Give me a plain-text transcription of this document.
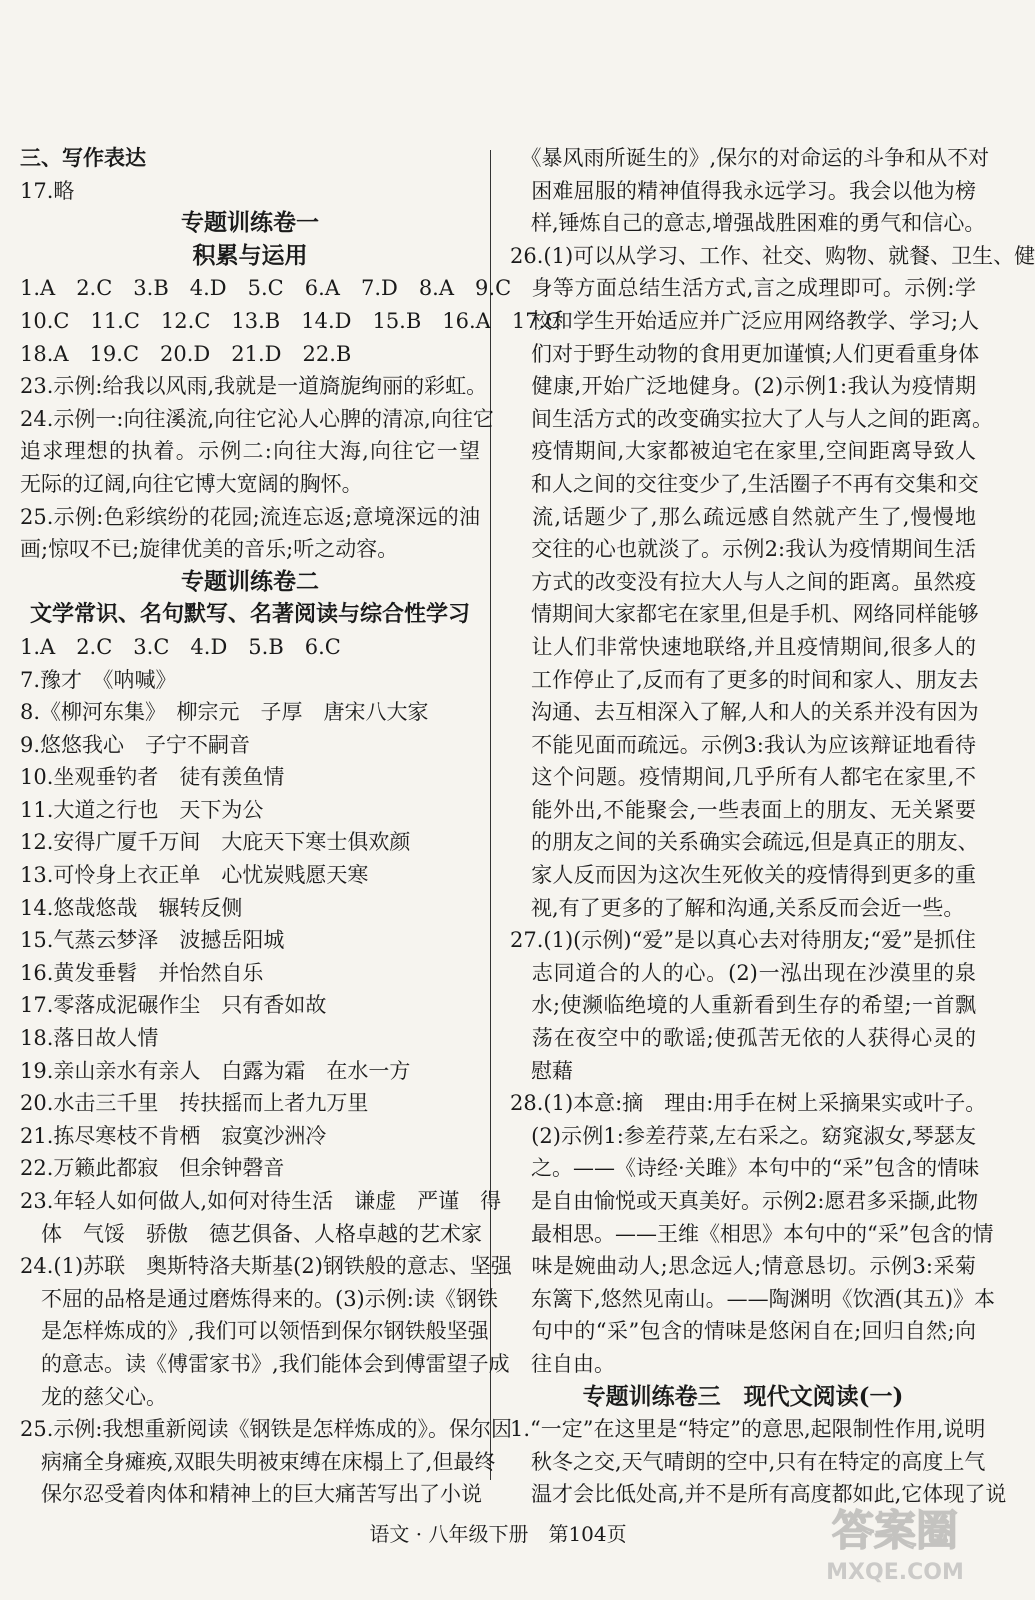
三、写作表达
17.略
专题训练卷一
积累与运用
1.A　2.C　3.B　4.D　5.C　6.A　7.D　8.A　9.C
10.C　11.C　12.C　13.B　14.D　15.B　16.A　17.C
18.A　19.C　20.D　21.D　22.B
23.示例:给我以风雨,我就是一道旖旎绚丽的彩虹。
24.示例一:向往溪流,向往它沁人心脾的清凉,向往它
追求理想的执着。示例二:向往大海,向往它一望
无际的辽阔,向往它博大宽阔的胸怀。
25.示例:色彩缤纷的花园;流连忘返;意境深远的油
画;惊叹不已;旋律优美的音乐;听之动容。
专题训练卷二
文学常识、名句默写、名著阅读与综合性学习
1.A　2.C　3.C　4.D　5.B　6.C
7.豫才　《呐喊》
8.《柳河东集》　柳宗元　子厚　唐宋八大家
9.悠悠我心　子宁不嗣音
10.坐观垂钓者　徒有羡鱼情
11.大道之行也　天下为公
12.安得广厦千万间　大庇天下寒士俱欢颜
13.可怜身上衣正单　心忧炭贱愿天寒
14.悠哉悠哉　辗转反侧
15.气蒸云梦泽　波撼岳阳城
16.黄发垂髫　并怡然自乐
17.零落成泥碾作尘　只有香如故
18.落日故人情
19.亲山亲水有亲人　白露为霜　在水一方
20.水击三千里　抟扶摇而上者九万里
21.拣尽寒枝不肯栖　寂寞沙洲冷
22.万籁此都寂　但余钟磬音
23.年轻人如何做人,如何对待生活　谦虚　严谨　得
　体　气馁　骄傲　德艺俱备、人格卓越的艺术家
24.(1)苏联　奥斯特洛夫斯基(2)钢铁般的意志、坚强
　不屈的品格是通过磨炼得来的。(3)示例:读《钢铁
　是怎样炼成的》,我们可以领悟到保尔钢铁般坚强
　的意志。读《傅雷家书》,我们能体会到傅雷望子成
　龙的慈父心。
25.示例:我想重新阅读《钢铁是怎样炼成的》。保尔因
　病痛全身瘫痪,双眼失明被束缚在床榻上了,但最终
　保尔忍受着肉体和精神上的巨大痛苦写出了小说
　《暴风雨所诞生的》,保尔的对命运的斗争和从不对
　困难屈服的精神值得我永远学习。我会以他为榜
　样,锤炼自己的意志,增强战胜困难的勇气和信心。
26.(1)可以从学习、工作、社交、购物、就餐、卫生、健
　身等方面总结生活方式,言之成理即可。示例:学
　校和学生开始适应并广泛应用网络教学、学习;人
　们对于野生动物的食用更加谨慎;人们更看重身体
　健康,开始广泛地健身。(2)示例1:我认为疫情期
　间生活方式的改变确实拉大了人与人之间的距离。
　疫情期间,大家都被迫宅在家里,空间距离导致人
　和人之间的交往变少了,生活圈子不再有交集和交
　流,话题少了,那么疏远感自然就产生了,慢慢地
　交往的心也就淡了。示例2:我认为疫情期间生活
　方式的改变没有拉大人与人之间的距离。虽然疫
　情期间大家都宅在家里,但是手机、网络同样能够
　让人们非常快速地联络,并且疫情期间,很多人的
　工作停止了,反而有了更多的时间和家人、朋友去
　沟通、去互相深入了解,人和人的关系并没有因为
　不能见面而疏远。示例3:我认为应该辩证地看待
　这个问题。疫情期间,几乎所有人都宅在家里,不
　能外出,不能聚会,一些表面上的朋友、无关紧要
　的朋友之间的关系确实会疏远,但是真正的朋友、
　家人反而因为这次生死攸关的疫情得到更多的重
　视,有了更多的了解和沟通,关系反而会近一些。
27.(1)(示例)“爱”是以真心去对待朋友;“爱”是抓住
　志同道合的人的心。(2)一泓出现在沙漠里的泉
　水;使濒临绝境的人重新看到生存的希望;一首飘
　荡在夜空中的歌谣;使孤苦无依的人获得心灵的
　慰藉
28.(1)本意:摘　理由:用手在树上采摘果实或叶子。
　(2)示例1:参差荇菜,左右采之。窈窕淑女,琴瑟友
　之。——《诗经·关雎》本句中的“采”包含的情味
　是自由愉悦或天真美好。示例2:愿君多采撷,此物
　最相思。——王维《相思》本句中的“采”包含的情
　味是婉曲动人;思念远人;情意恳切。示例3:采菊
　东篱下,悠然见南山。——陶渊明《饮酒(其五)》本
　句中的“采”包含的情味是悠闲自在;回归自然;向
　往自由。
专题训练卷三　现代文阅读(一)
1.“一定”在这里是“特定”的意思,起限制性作用,说明
　秋冬之交,天气晴朗的空中,只有在特定的高度上气
　温才会比低处高,并不是所有高度都如此,它体现了说
语文 · 八年级下册　第104页	答案圈
MXQE.COM
